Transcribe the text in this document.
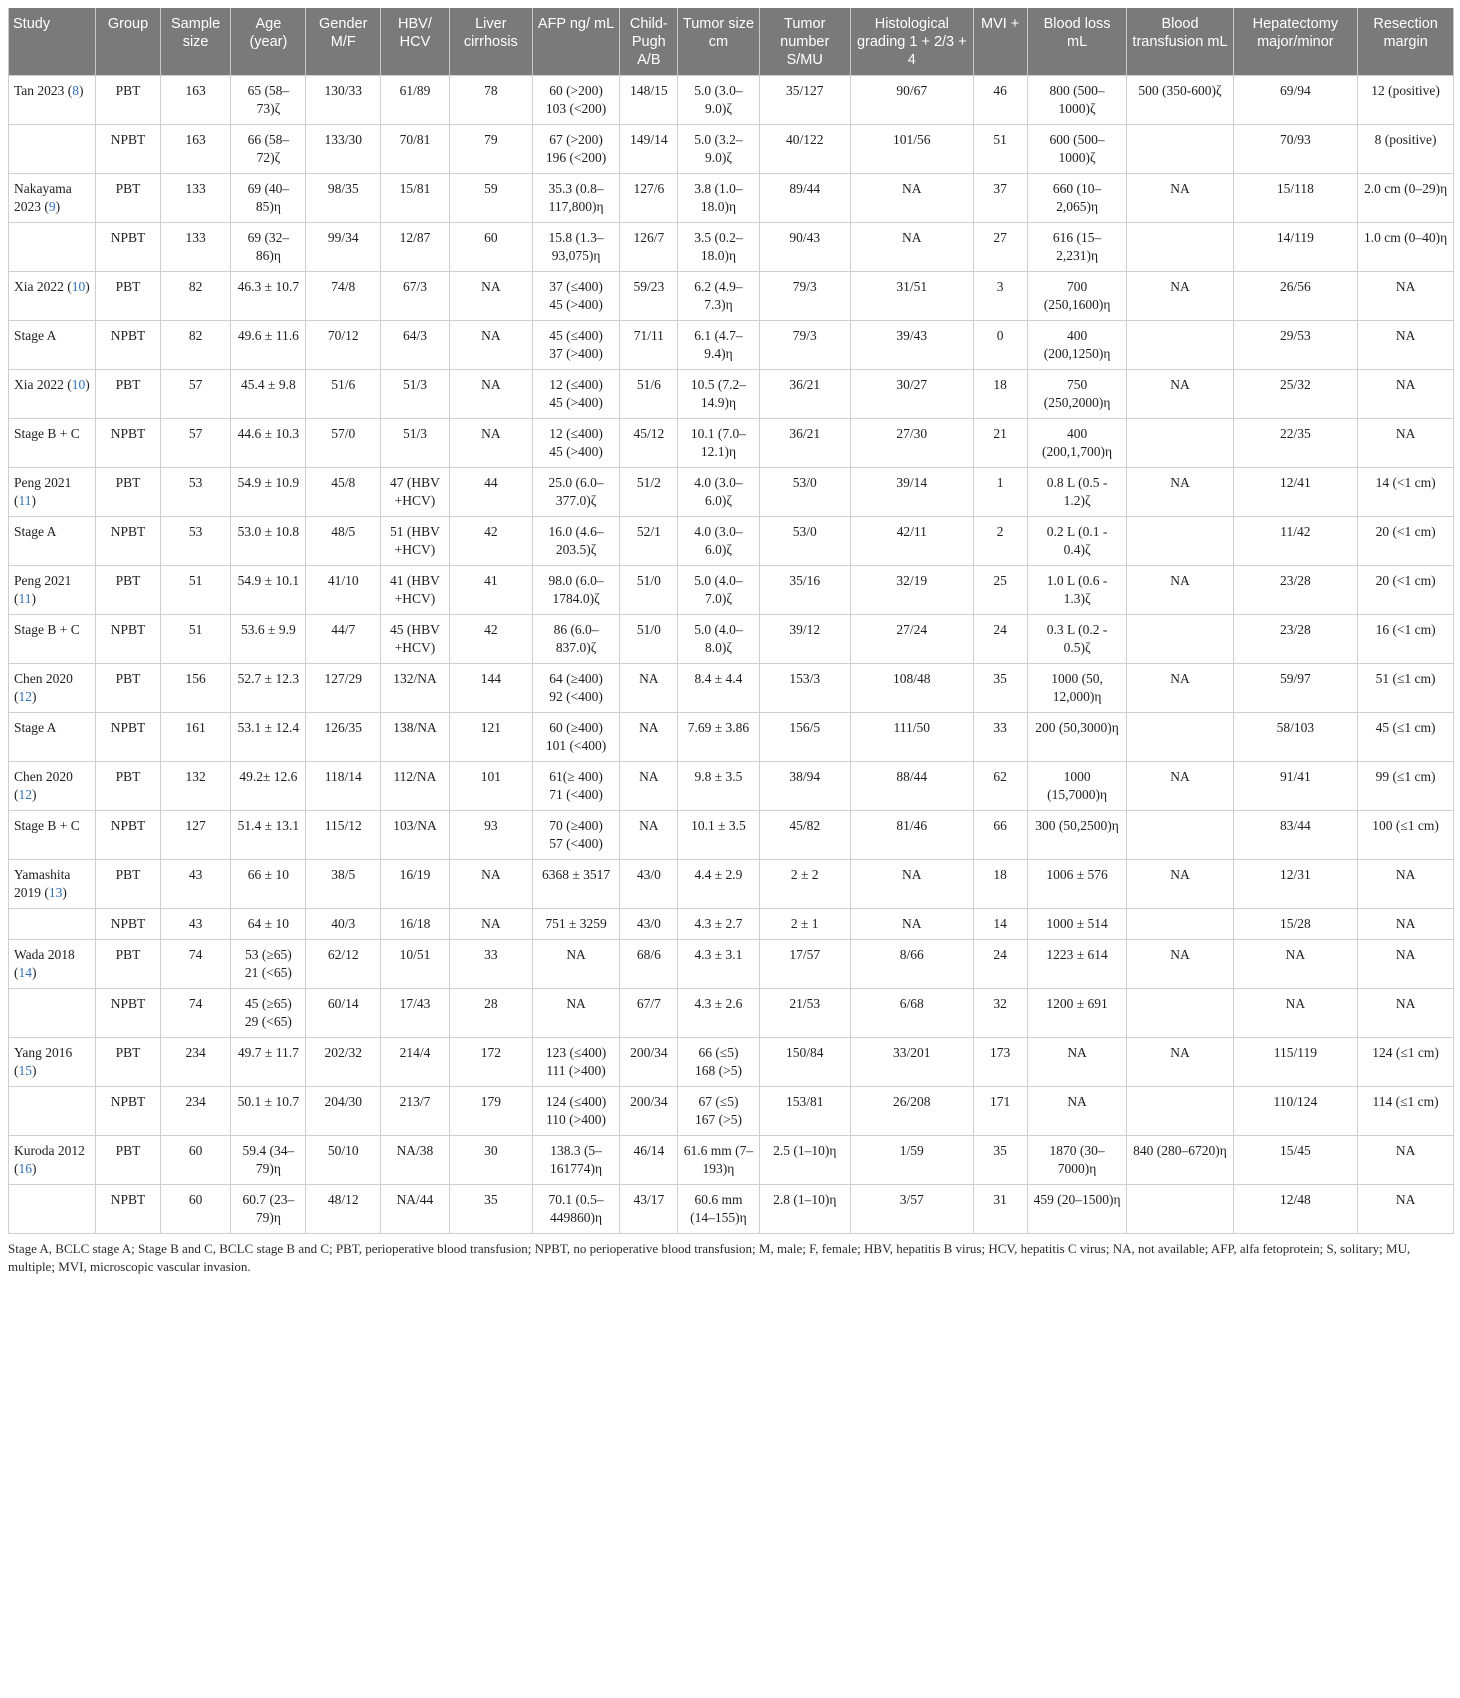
Study	Group	Sample size	Age (year)	Gender M/F	HBV/ HCV	Liver cirrhosis	AFP ng/ mL	Child-Pugh A/B	Tumor size cm	Tumor number S/MU	Histological grading 1 + 2/3 + 4	MVI +	Blood loss mL	Blood transfusion mL	Hepatectomy major/minor	Resection margin
Tan 2023 (8)	PBT	163	65 (58–73)ζ	130/33	61/89	78	60 (>200)
103 (<200)	148/15	5.0 (3.0–9.0)ζ	35/127	90/67	46	800 (500–1000)ζ	500 (350-600)ζ	69/94	12 (positive)
	NPBT	163	66 (58–72)ζ	133/30	70/81	79	67 (>200)
196 (<200)	149/14	5.0 (3.2–9.0)ζ	40/122	101/56	51	600 (500–1000)ζ		70/93	8 (positive)
Nakayama 2023 (9)	PBT	133	69 (40–85)η	98/35	15/81	59	35.3 (0.8–117,800)η	127/6	3.8 (1.0–18.0)η	89/44	NA	37	660 (10–2,065)η	NA	15/118	2.0 cm (0–29)η
	NPBT	133	69 (32–86)η	99/34	12/87	60	15.8 (1.3–93,075)η	126/7	3.5 (0.2–18.0)η	90/43	NA	27	616 (15–2,231)η		14/119	1.0 cm (0–40)η
Xia 2022 (10)	PBT	82	46.3 ± 10.7	74/8	67/3	NA	37 (≤400)
45 (>400)	59/23	6.2 (4.9–7.3)η	79/3	31/51	3	700 (250,1600)η	NA	26/56	NA
Stage A	NPBT	82	49.6 ± 11.6	70/12	64/3	NA	45 (≤400)
37 (>400)	71/11	6.1 (4.7–9.4)η	79/3	39/43	0	400 (200,1250)η		29/53	NA
Xia 2022 (10)	PBT	57	45.4 ± 9.8	51/6	51/3	NA	12 (≤400)
45 (>400)	51/6	10.5 (7.2–14.9)η	36/21	30/27	18	750 (250,2000)η	NA	25/32	NA
Stage B + C	NPBT	57	44.6 ± 10.3	57/0	51/3	NA	12 (≤400)
45 (>400)	45/12	10.1 (7.0–12.1)η	36/21	27/30	21	400 (200,1,700)η		22/35	NA
Peng 2021 (11)	PBT	53	54.9 ± 10.9	45/8	47 (HBV +HCV)	44	25.0 (6.0–377.0)ζ	51/2	4.0 (3.0–6.0)ζ	53/0	39/14	1	0.8 L (0.5 - 1.2)ζ	NA	12/41	14 (<1 cm)
Stage A	NPBT	53	53.0 ± 10.8	48/5	51 (HBV +HCV)	42	16.0 (4.6–203.5)ζ	52/1	4.0 (3.0–6.0)ζ	53/0	42/11	2	0.2 L (0.1 - 0.4)ζ		11/42	20 (<1 cm)
Peng 2021 (11)	PBT	51	54.9 ± 10.1	41/10	41 (HBV +HCV)	41	98.0 (6.0–1784.0)ζ	51/0	5.0 (4.0–7.0)ζ	35/16	32/19	25	1.0 L (0.6 - 1.3)ζ	NA	23/28	20 (<1 cm)
Stage B + C	NPBT	51	53.6 ± 9.9	44/7	45 (HBV +HCV)	42	86 (6.0–837.0)ζ	51/0	5.0 (4.0–8.0)ζ	39/12	27/24	24	0.3 L (0.2 - 0.5)ζ		23/28	16 (<1 cm)
Chen 2020 (12)	PBT	156	52.7 ± 12.3	127/29	132/NA	144	64 (≥400)
92 (<400)	NA	8.4 ± 4.4	153/3	108/48	35	1000 (50, 12,000)η	NA	59/97	51 (≤1 cm)
Stage A	NPBT	161	53.1 ± 12.4	126/35	138/NA	121	60 (≥400)
101 (<400)	NA	7.69 ± 3.86	156/5	111/50	33	200 (50,3000)η		58/103	45 (≤1 cm)
Chen 2020 (12)	PBT	132	49.2± 12.6	118/14	112/NA	101	61(≥ 400)
71 (<400)	NA	9.8 ± 3.5	38/94	88/44	62	1000 (15,7000)η	NA	91/41	99 (≤1 cm)
Stage B + C	NPBT	127	51.4 ± 13.1	115/12	103/NA	93	70 (≥400)
57 (<400)	NA	10.1 ± 3.5	45/82	81/46	66	300 (50,2500)η		83/44	100 (≤1 cm)
Yamashita 2019 (13)	PBT	43	66 ± 10	38/5	16/19	NA	6368 ± 3517	43/0	4.4 ± 2.9	2 ± 2	NA	18	1006 ± 576	NA	12/31	NA
	NPBT	43	64 ± 10	40/3	16/18	NA	751 ± 3259	43/0	4.3 ± 2.7	2 ± 1	NA	14	1000 ± 514		15/28	NA
Wada 2018 (14)	PBT	74	53 (≥65)
21 (<65)	62/12	10/51	33	NA	68/6	4.3 ± 3.1	17/57	8/66	24	1223 ± 614	NA	NA	NA
	NPBT	74	45 (≥65)
29 (<65)	60/14	17/43	28	NA	67/7	4.3 ± 2.6	21/53	6/68	32	1200 ± 691		NA	NA
Yang 2016 (15)	PBT	234	49.7 ± 11.7	202/32	214/4	172	123 (≤400)
111 (>400)	200/34	66 (≤5)
168 (>5)	150/84	33/201	173	NA	NA	115/119	124 (≤1 cm)
	NPBT	234	50.1 ± 10.7	204/30	213/7	179	124 (≤400)
110 (>400)	200/34	67 (≤5)
167 (>5)	153/81	26/208	171	NA		110/124	114 (≤1 cm)
Kuroda 2012 (16)	PBT	60	59.4 (34–79)η	50/10	NA/38	30	138.3 (5–161774)η	46/14	61.6 mm (7–193)η	2.5 (1–10)η	1/59	35	1870 (30–7000)η	840 (280–6720)η	15/45	NA
	NPBT	60	60.7 (23–79)η	48/12	NA/44	35	70.1 (0.5–449860)η	43/17	60.6 mm (14–155)η	2.8 (1–10)η	3/57	31	459 (20–1500)η		12/48	NA
Stage A, BCLC stage A; Stage B and C, BCLC stage B and C; PBT, perioperative blood transfusion; NPBT, no perioperative blood transfusion; M, male; F, female; HBV, hepatitis B virus; HCV, hepatitis C virus; NA, not available; AFP, alfa fetoprotein; S, solitary; MU, multiple; MVI, microscopic vascular invasion.
